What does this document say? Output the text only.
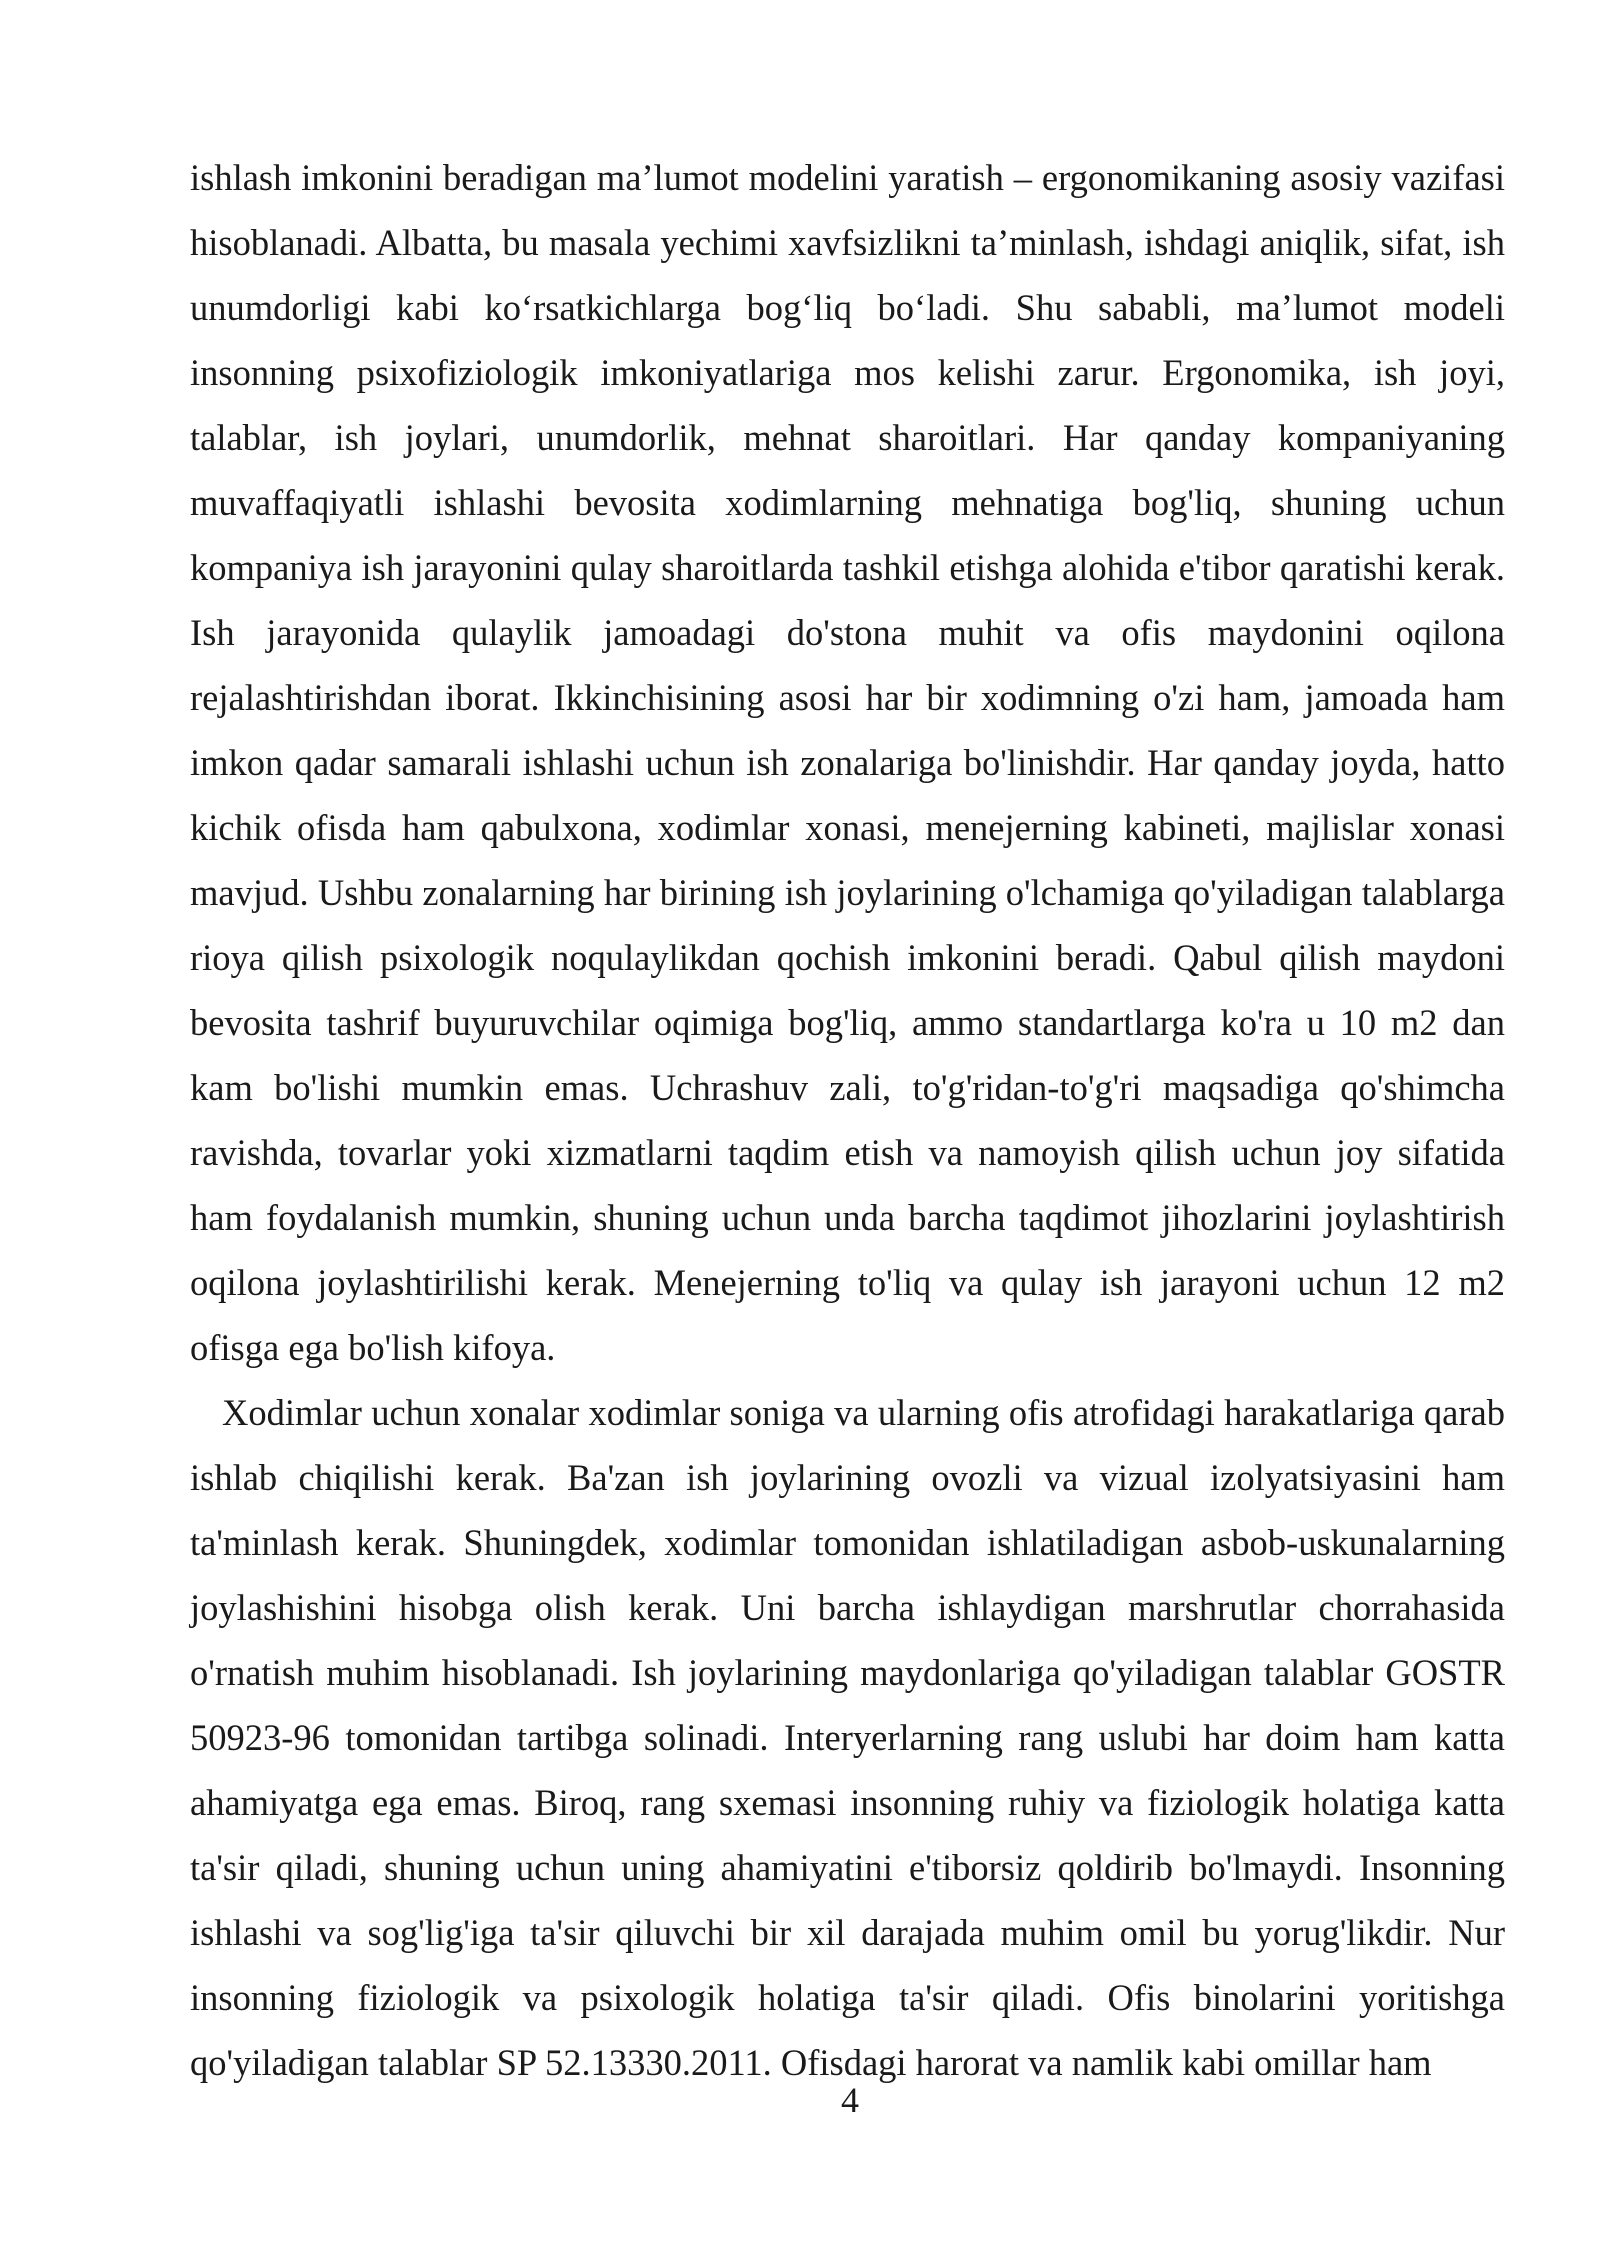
ishlash imkonini beradigan ma’lumot modelini yaratish – ergonomikaning asosiy vazifasi hisoblanadi. Albatta, bu masala yechimi xavfsizlikni ta’minlash, ishdagi aniqlik, sifat, ish unumdorligi kabi ko‘rsatkichlarga bog‘liq bo‘ladi. Shu sababli, ma’lumot modeli insonning psixofiziologik imkoniyatlariga mos kelishi zarur. Ergonomika, ish joyi, talablar, ish joylari, unumdorlik, mehnat sharoitlari. Har qanday kompaniyaning muvaffaqiyatli ishlashi bevosita xodimlarning mehnatiga bog'liq, shuning uchun kompaniya ish jarayonini qulay sharoitlarda tashkil etishga alohida e'tibor qaratishi kerak. Ish jarayonida qulaylik jamoadagi do'stona muhit va ofis maydonini oqilona rejalashtirishdan iborat. Ikkinchisining asosi har bir xodimning o'zi ham, jamoada ham imkon qadar samarali ishlashi uchun ish zonalariga bo'linishdir. Har qanday joyda, hatto kichik ofisda ham qabulxona, xodimlar xonasi, menejerning kabineti, majlislar xonasi mavjud. Ushbu zonalarning har birining ish joylarining o'lchamiga qo'yiladigan talablarga rioya qilish psixologik noqulaylikdan qochish imkonini beradi. Qabul qilish maydoni bevosita tashrif buyuruvchilar oqimiga bog'liq, ammo standartlarga ko'ra u 10 m2 dan kam bo'lishi mumkin emas. Uchrashuv zali, to'g'ridan-to'g'ri maqsadiga qo'shimcha ravishda, tovarlar yoki xizmatlarni taqdim etish va namoyish qilish uchun joy sifatida ham foydalanish mumkin, shuning uchun unda barcha taqdimot jihozlarini joylashtirish oqilona joylashtirilishi kerak. Menejerning to'liq va qulay ish jarayoni uchun 12 m2 ofisga ega bo'lish kifoya.

Xodimlar uchun xonalar xodimlar soniga va ularning ofis atrofidagi harakatlariga qarab ishlab chiqilishi kerak. Ba'zan ish joylarining ovozli va vizual izolyatsiyasini ham ta'minlash kerak. Shuningdek, xodimlar tomonidan ishlatiladigan asbob-uskunalarning joylashishini hisobga olish kerak. Uni barcha ishlaydigan marshrutlar chorrahasida o'rnatish muhim hisoblanadi. Ish joylarining maydonlariga qo'yiladigan talablar GOSTR 50923-96 tomonidan tartibga solinadi. Interyerlarning rang uslubi har doim ham katta ahamiyatga ega emas. Biroq, rang sxemasi insonning ruhiy va fiziologik holatiga katta ta'sir qiladi, shuning uchun uning ahamiyatini e'tiborsiz qoldirib bo'lmaydi. Insonning ishlashi va sog'lig'iga ta'sir qiluvchi bir xil darajada muhim omil bu yorug'likdir. Nur insonning fiziologik va psixologik holatiga ta'sir qiladi. Ofis binolarini yoritishga qo'yiladigan talablar SP 52.13330.2011. Ofisdagi harorat va namlik kabi omillar ham

4
